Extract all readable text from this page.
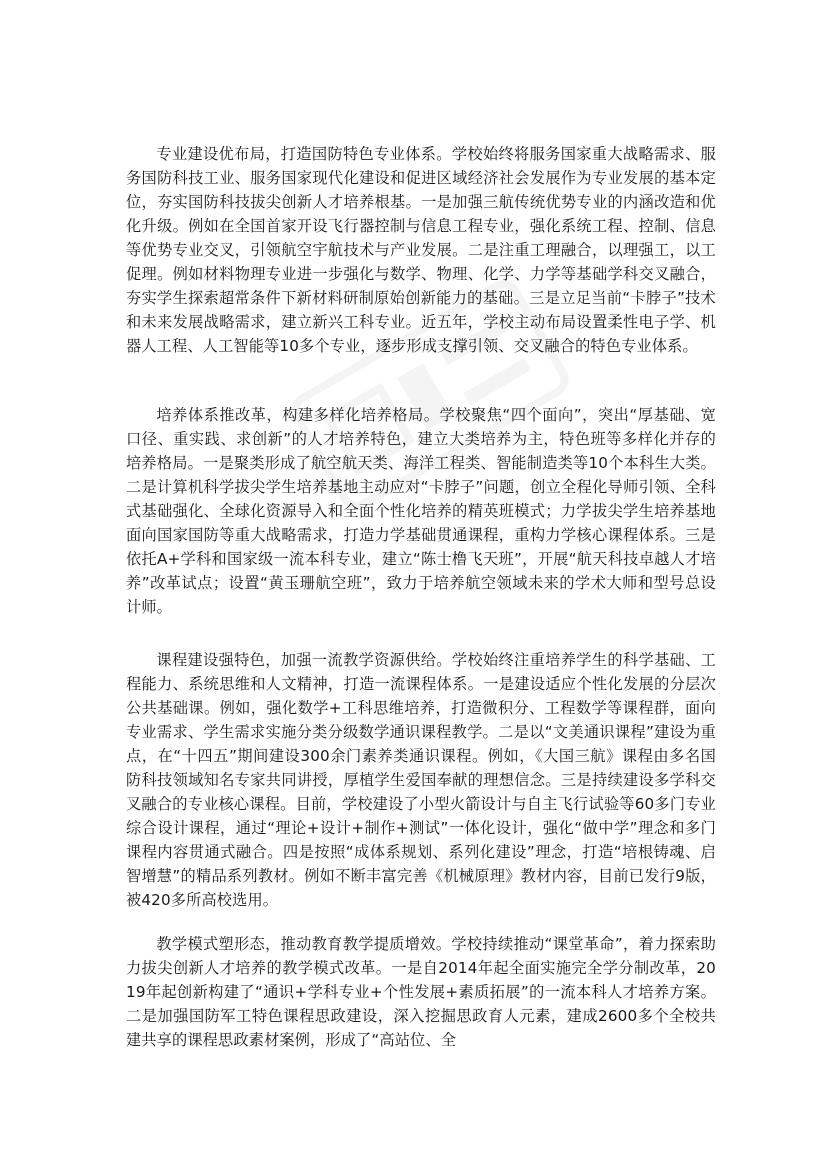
专业建设优布局，打造国防特色专业体系。学校始终将服务国家重大战略需求、服务国防科技工业、服务国家现代化建设和促进区域经济社会发展作为专业发展的基本定位，夯实国防科技拔尖创新人才培养根基。一是加强三航传统优势专业的内涵改造和优化升级。例如在全国首家开设飞行器控制与信息工程专业，强化系统工程、控制、信息等优势专业交叉，引领航空宇航技术与产业发展。二是注重工理融合，以理强工，以工促理。例如材料物理专业进一步强化与数学、物理、化学、力学等基础学科交叉融合，夯实学生探索超常条件下新材料研制原始创新能力的基础。三是立足当前“卡脖子”技术和未来发展战略需求，建立新兴工科专业。近五年，学校主动布局设置柔性电子学、机器人工程、人工智能等10多个专业，逐步形成支撑引领、交叉融合的特色专业体系。

培养体系推改革，构建多样化培养格局。学校聚焦“四个面向”，突出“厚基础、宽口径、重实践、求创新”的人才培养特色，建立大类培养为主，特色班等多样化并存的培养格局。一是聚类形成了航空航天类、海洋工程类、智能制造类等10个本科生大类。二是计算机科学拔尖学生培养基地主动应对“卡脖子”问题，创立全程化导师引领、全科式基础强化、全球化资源导入和全面个性化培养的精英班模式；力学拔尖学生培养基地面向国家国防等重大战略需求，打造力学基础贯通课程，重构力学核心课程体系。三是依托A+学科和国家级一流本科专业，建立“陈士橹飞天班”，开展“航天科技卓越人才培养”改革试点；设置“黄玉珊航空班”，致力于培养航空领域未来的学术大师和型号总设计师。

课程建设强特色，加强一流教学资源供给。学校始终注重培养学生的科学基础、工程能力、系统思维和人文精神，打造一流课程体系。一是建设适应个性化发展的分层次公共基础课。例如，强化数学+工科思维培养，打造微积分、工程数学等课程群，面向专业需求、学生需求实施分类分级数学通识课程教学。二是以“文美通识课程”建设为重点，在“十四五”期间建设300余门素养类通识课程。例如，《大国三航》课程由多名国防科技领域知名专家共同讲授，厚植学生爱国奉献的理想信念。三是持续建设多学科交叉融合的专业核心课程。目前，学校建设了小型火箭设计与自主飞行试验等60多门专业综合设计课程，通过“理论+设计+制作+测试”一体化设计，强化“做中学”理念和多门课程内容贯通式融合。四是按照“成体系规划、系列化建设”理念，打造“培根铸魂、启智增慧”的精品系列教材。例如不断丰富完善《机械原理》教材内容，目前已发行9版，被420多所高校选用。

教学模式塑形态，推动教育教学提质增效。学校持续推动“课堂革命”，着力探索助力拔尖创新人才培养的教学模式改革。一是自2014年起全面实施完全学分制改革，2019年起创新构建了“通识+学科专业+个性发展+素质拓展”的一流本科人才培养方案。二是加强国防军工特色课程思政建设，深入挖掘思政育人元素，建成2600多个全校共建共享的课程思政素材案例，形成了“高站位、全
